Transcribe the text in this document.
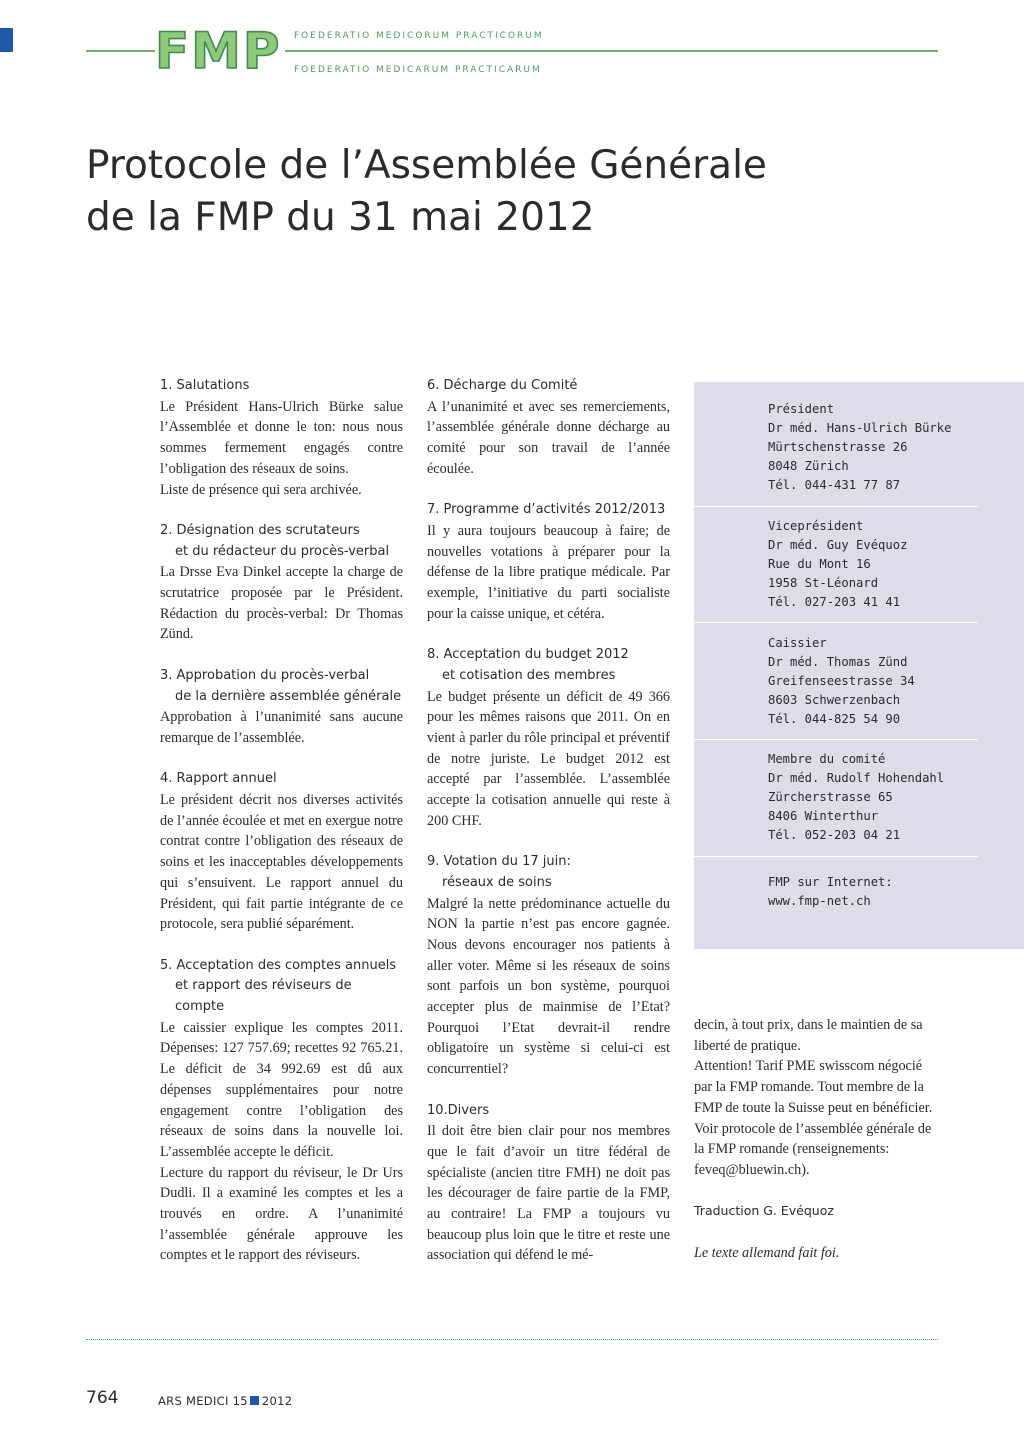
FMP	FOEDERATIO MEDICORUM PRACTICORUM
FOEDERATIO MEDICARUM PRACTICARUM
Protocole de l’Assemblée Générale
de la FMP du 31 mai 2012
1. Salutations

Le Président Hans-Ulrich Bürke salue l’Assemblée et donne le ton: nous nous sommes fermement engagés contre l’obligation des réseaux de soins.

Liste de présence qui sera archivée.

2. Désignation des scrutateurs
et du rédacteur du procès-verbal

La Drsse Eva Dinkel accepte la charge de scrutatrice proposée par le Président. Rédaction du procès-verbal: Dr Thomas Zünd.

3. Approbation du procès-verbal
de la dernière assemblée générale

Approbation à l’unanimité sans aucune remarque de l’assemblée.

4. Rapport annuel

Le président décrit nos diverses activités de l’année écoulée et met en exergue notre contrat contre l’obligation des réseaux de soins et les inacceptables développements qui s’ensuivent. Le rapport annuel du Président, qui fait partie intégrante de ce protocole, sera publié séparément.

5. Acceptation des comptes annuels
et rapport des réviseurs de compte

Le caissier explique les comptes 2011. Dépenses: 127 757.69; recettes 92 765.21. Le déficit de 34 992.69 est dû aux dépenses supplémentaires pour notre engagement contre l’obligation des réseaux de soins dans la nouvelle loi. L’assemblée accepte le déficit.

Lecture du rapport du réviseur, le Dr Urs Dudli. Il a examiné les comptes et les a trouvés en ordre. A l’unanimité l’assemblée générale approuve les comptes et le rapport des réviseurs.

6. Décharge du Comité

A l’unanimité et avec ses remerciements, l’assemblée générale donne décharge au comité pour son travail de l’année écoulée.

7. Programme d’activités 2012/2013

Il y aura toujours beaucoup à faire; de nouvelles votations à préparer pour la défense de la libre pratique médicale. Par exemple, l’initiative du parti socialiste pour la caisse unique, et cétéra.

8. Acceptation du budget 2012
et cotisation des membres

Le budget présente un déficit de 49 366 pour les mêmes raisons que 2011. On en vient à parler du rôle principal et préventif de notre juriste. Le budget 2012 est accepté par l’assemblée. L’assemblée accepte la cotisation annuelle qui reste à 200 CHF.

9. Votation du 17 juin:
réseaux de soins

Malgré la nette prédominance actuelle du NON la partie n’est pas encore gagnée. Nous devons encourager nos patients à aller voter. Même si les réseaux de soins sont parfois un bon système, pourquoi accepter plus de mainmise de l’Etat? Pourquoi l’Etat devrait-il rendre obligatoire un système si celui-ci est concurrentiel?

10.Divers

Il doit être bien clair pour nos membres que le fait d’avoir un titre fédéral de spécialiste (ancien titre FMH) ne doit pas les décourager de faire partie de la FMP, au contraire! La FMP a toujours vu beaucoup plus loin que le titre et reste une association qui défend le mé-

decin, à tout prix, dans le maintien de sa liberté de pratique.

Attention! Tarif PME swisscom négocié par la FMP romande. Tout membre de la FMP de toute la Suisse peut en bénéficier. Voir protocole de l’assemblée générale de la FMP romande (renseignements: feveq@bluewin.ch).

Traduction G. Evéquoz
Le texte allemand fait foi.
Président
Dr méd. Hans-Ulrich Bürke
Mürtschenstrasse 26
8048 Zürich
Tél. 044-431 77 87
Viceprésident
Dr méd. Guy Evéquoz
Rue du Mont 16
1958 St-Léonard
Tél. 027-203 41 41
Caissier
Dr méd. Thomas Zünd
Greifenseestrasse 34
8603 Schwerzenbach
Tél. 044-825 54 90
Membre du comité
Dr méd. Rudolf Hohendahl
Zürcherstrasse 65
8406 Winterthur
Tél. 052-203 04 21
FMP sur Internet:
www.fmp-net.ch
764	ARS MEDICI 15 2012
